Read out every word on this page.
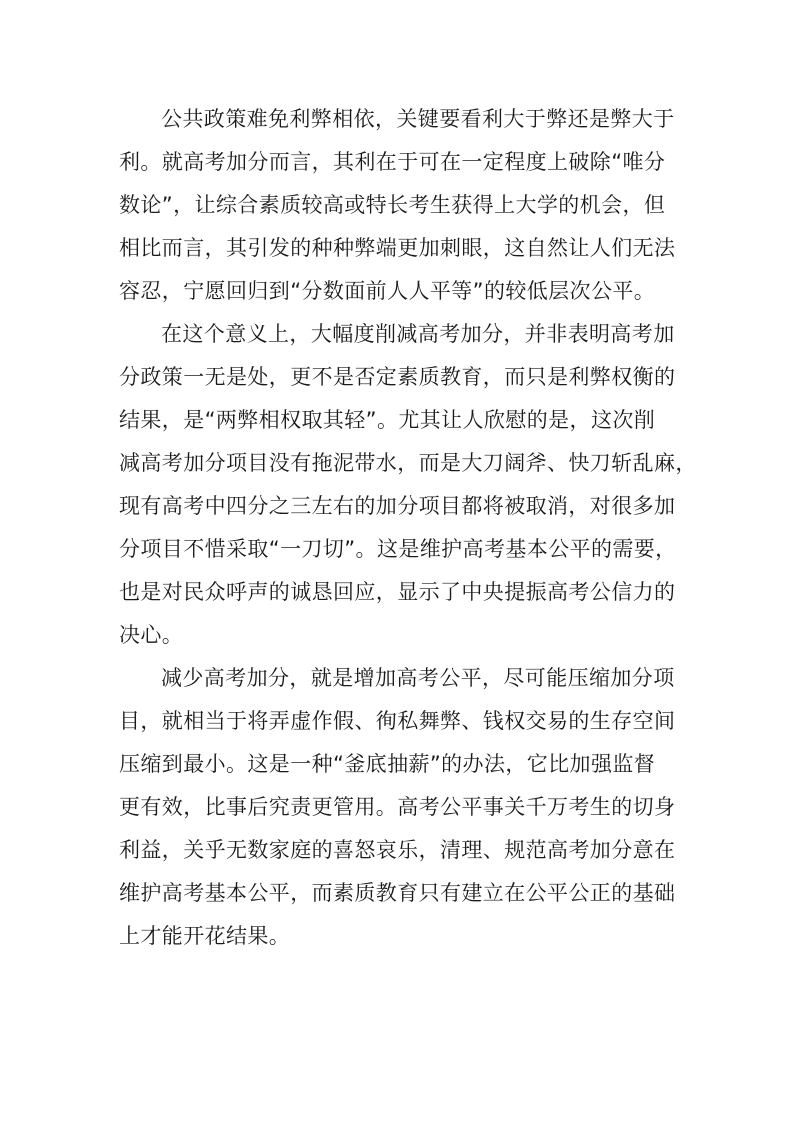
公共政策难免利弊相依，关键要看利大于弊还是弊大于
利。就高考加分而言，其利在于可在一定程度上破除“唯分
数论”，让综合素质较高或特长考生获得上大学的机会，但
相比而言，其引发的种种弊端更加刺眼，这自然让人们无法
容忍，宁愿回归到“分数面前人人平等”的较低层次公平。
在这个意义上，大幅度削减高考加分，并非表明高考加
分政策一无是处，更不是否定素质教育，而只是利弊权衡的
结果，是“两弊相权取其轻”。尤其让人欣慰的是，这次削
减高考加分项目没有拖泥带水，而是大刀阔斧、快刀斩乱麻，
现有高考中四分之三左右的加分项目都将被取消，对很多加
分项目不惜采取“一刀切”。这是维护高考基本公平的需要，
也是对民众呼声的诚恳回应，显示了中央提振高考公信力的
决心。
减少高考加分，就是增加高考公平，尽可能压缩加分项
目，就相当于将弄虚作假、徇私舞弊、钱权交易的生存空间
压缩到最小。这是一种“釜底抽薪”的办法，它比加强监督
更有效，比事后究责更管用。高考公平事关千万考生的切身
利益，关乎无数家庭的喜怒哀乐，清理、规范高考加分意在
维护高考基本公平，而素质教育只有建立在公平公正的基础
上才能开花结果。
